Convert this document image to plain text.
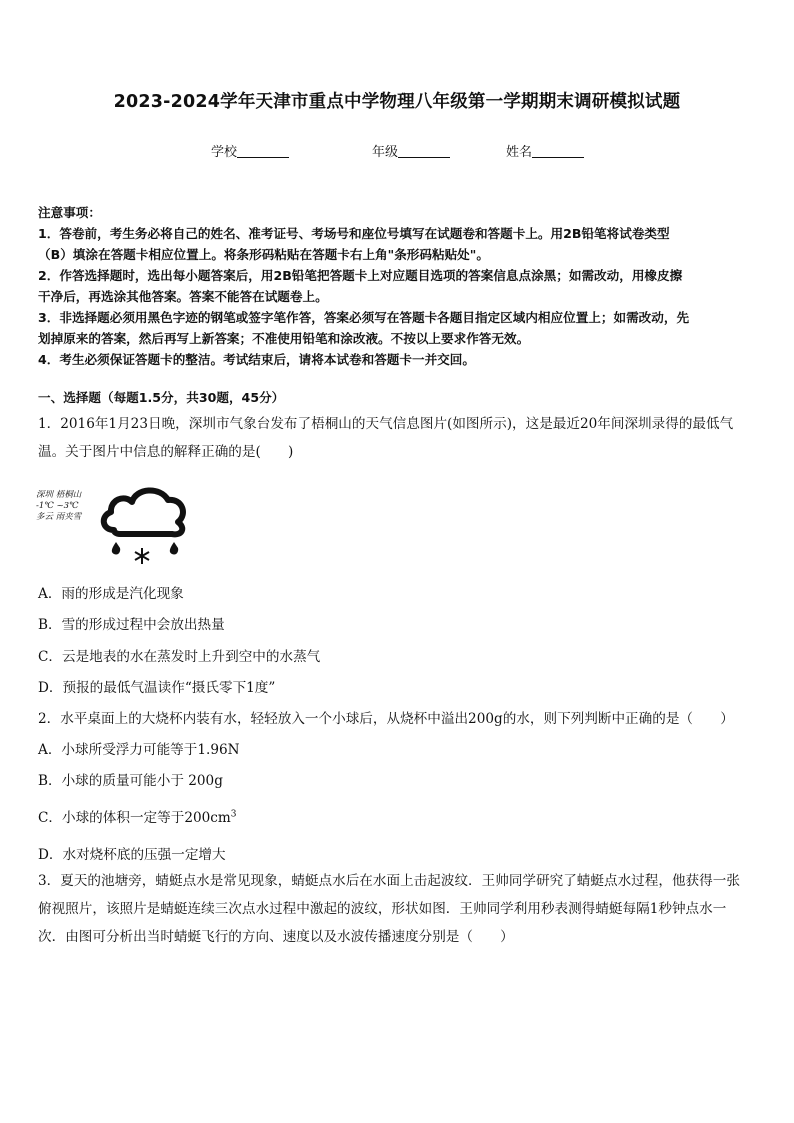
2023-2024学年天津市重点中学物理八年级第一学期期末调研模拟试题
学校	年级	姓名

注意事项：

1．答卷前，考生务必将自己的姓名、准考证号、考场号和座位号填写在试题卷和答题卡上。用2B铅笔将试卷类型

（B）填涂在答题卡相应位置上。将条形码粘贴在答题卡右上角"条形码粘贴处"。

2．作答选择题时，选出每小题答案后，用2B铅笔把答题卡上对应题目选项的答案信息点涂黑；如需改动，用橡皮擦

干净后，再选涂其他答案。答案不能答在试题卷上。

3．非选择题必须用黑色字迹的钢笔或签字笔作答，答案必须写在答题卡各题目指定区域内相应位置上；如需改动，先

划掉原来的答案，然后再写上新答案；不准使用铅笔和涂改液。不按以上要求作答无效。

4．考生必须保证答题卡的整洁。考试结束后，请将本试卷和答题卡一并交回。

一、选择题（每题1.5分，共30题，45分）

1．2016年1月23日晚，深圳市气象台发布了梧桐山的天气信息图片(如图所示)，这是最近20年间深圳录得的最低气

温。关于图片中信息的解释正确的是(　　)

深圳 梧桐山
-1℃ ~3℃
多云 雨夹雪
A．雨的形成是汽化现象
B．雪的形成过程中会放出热量
C．云是地表的水在蒸发时上升到空中的水蒸气
D．预报的最低气温读作“摄氏零下1度”
2．水平桌面上的大烧杯内装有水，轻轻放入一个小球后，从烧杯中溢出200g的水，则下列判断中正确的是（　　）
A．小球所受浮力可能等于1.96N
B．小球的质量可能小于 200g
C．小球的体积一定等于$200cm^3$
D．水对烧杯底的压强一定增大

3．夏天的池塘旁，蜻蜓点水是常见现象，蜻蜓点水后在水面上击起波纹．王帅同学研究了蜻蜓点水过程，他获得一张

俯视照片，该照片是蜻蜓连续三次点水过程中激起的波纹，形状如图．王帅同学利用秒表测得蜻蜓每隔1秒钟点水一

次．由图可分析出当时蜻蜓飞行的方向、速度以及水波传播速度分别是（　　）
